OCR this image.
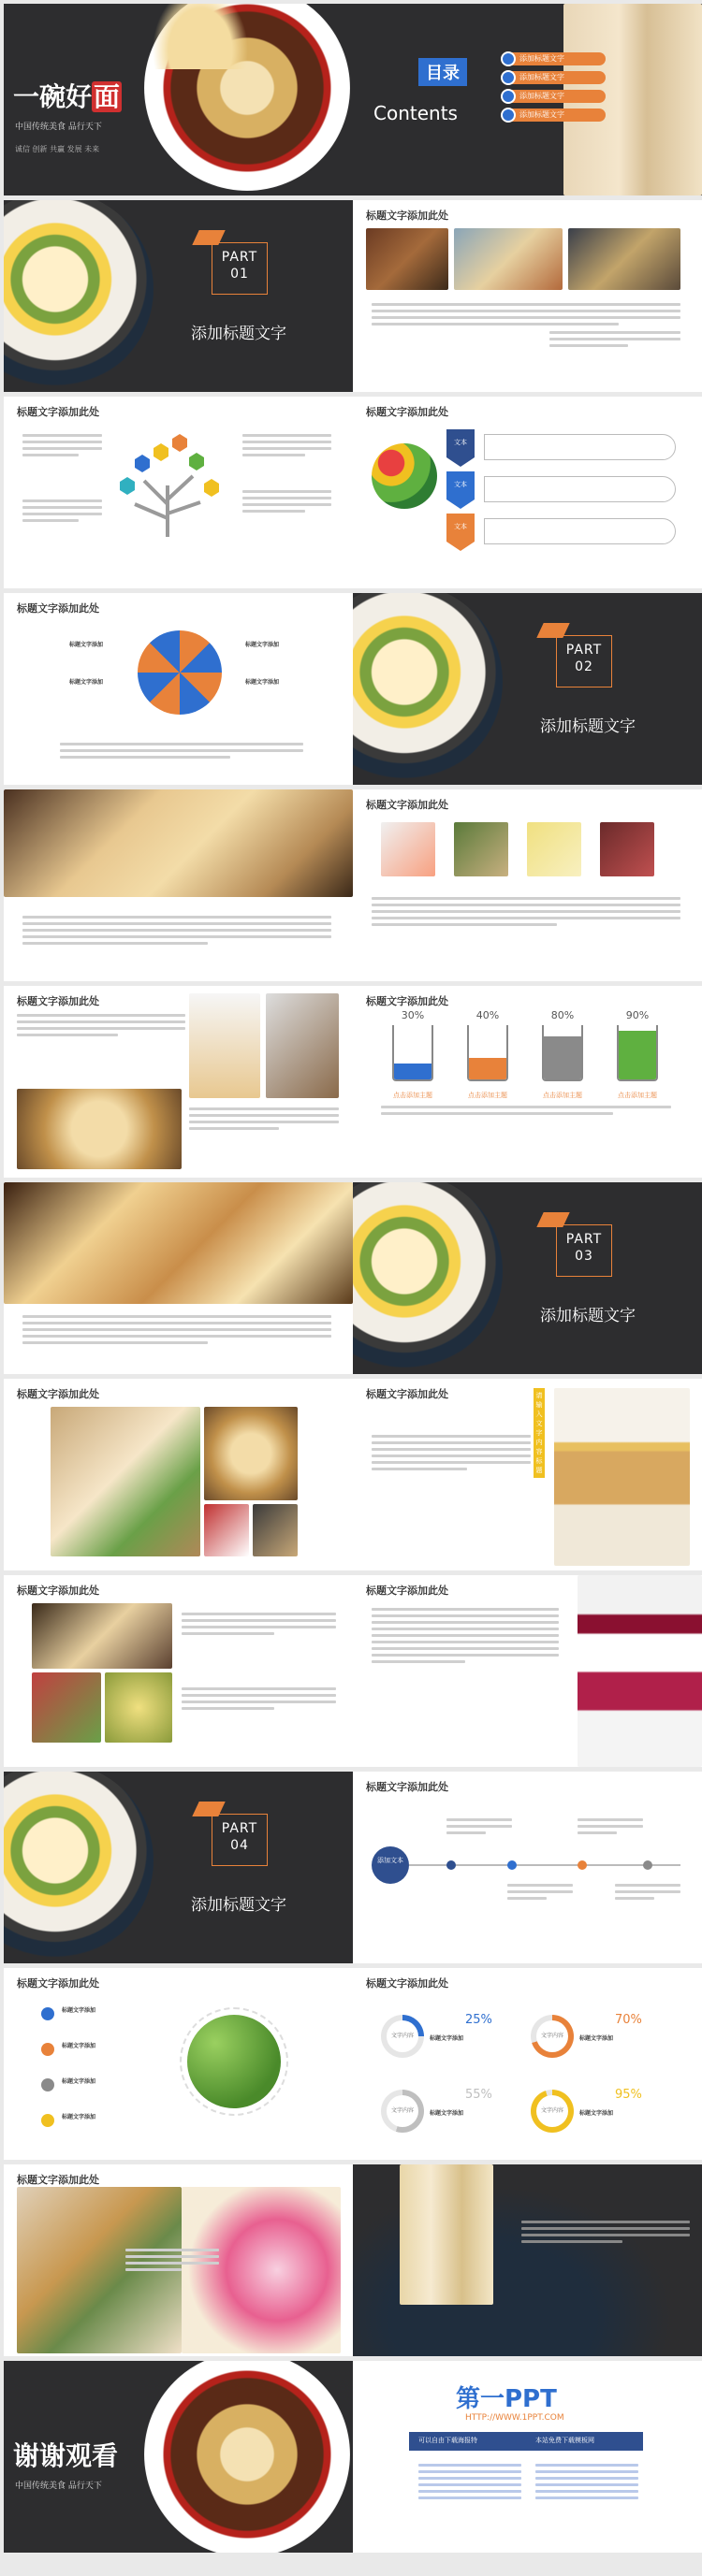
一碗好面
中国传统美食 品行天下
诚信 创新 共赢 发展 未来
目录
Contents
添加标题文字
添加标题文字
添加标题文字
添加标题文字
PART
01
添加标题文字
标题文字添加此处
标题文字添加此处	标题文字添加此处
文本
文本
文本
标题文字添加此处
标题文字添加
标题文字添加
标题文字添加
标题文字添加
PART
02
添加标题文字
标题文字添加此处
标题文字添加此处	标题文字添加此处
30%	40%	80%	90%
点击添加主题	点击添加主题	点击添加主题	点击添加主题
PART
03
添加标题文字
标题文字添加此处	标题文字添加此处	请输入文字内容标题
标题文字添加此处	标题文字添加此处
PART
04
添加标题文字
标题文字添加此处
添加文本
标题文字添加此处
标题文字添加
标题文字添加
标题文字添加
标题文字添加
标题文字添加此处
文字内容	文字内容
文字内容	文字内容
25%	70%
55%	95%
标题文字添加	标题文字添加
标题文字添加	标题文字添加
标题文字添加此处
谢谢观看
中国传统美食 品行天下
第一PPT
HTTP://WWW.1PPT.COM
可以自由下载海报特	本站免费下载模板网
